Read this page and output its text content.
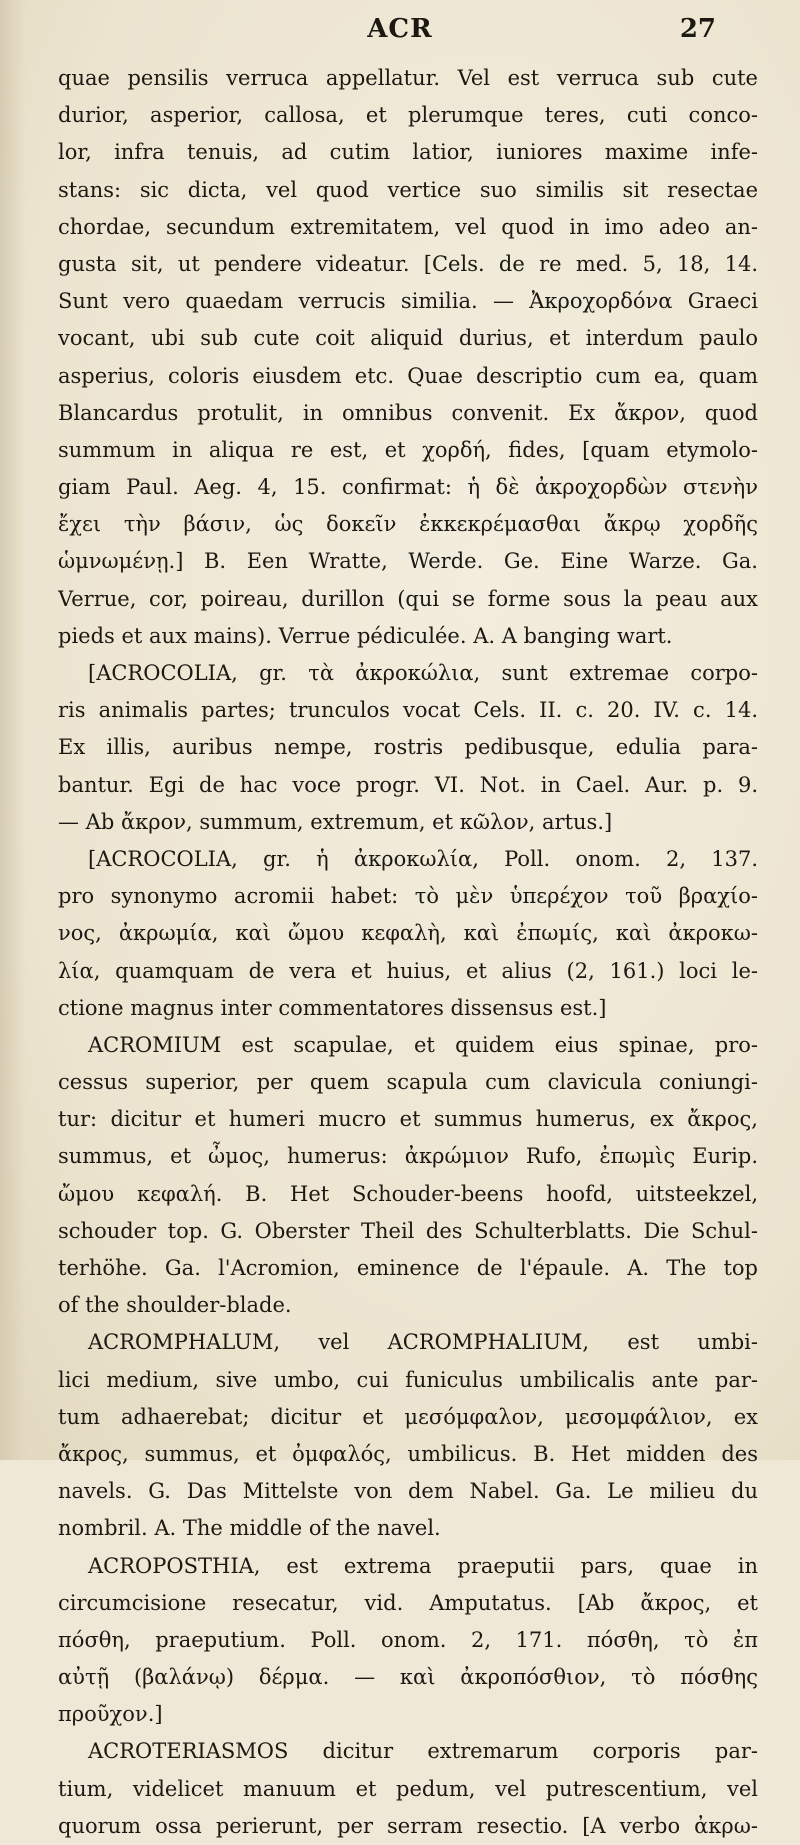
ACR	27
quae pensilis verruca appellatur. Vel est verruca sub cute
durior, asperior, callosa, et plerumque teres, cuti conco-
lor, infra tenuis, ad cutim latior, iuniores maxime infe-
stans: sic dicta, vel quod vertice suo similis sit resectae
chordae, secundum extremitatem, vel quod in imo adeo an-
gusta sit, ut pendere videatur. [Cels. de re med. 5, 18, 14.
Sunt vero quaedam verrucis similia. — Ἀκροχορδόνα Graeci
vocant, ubi sub cute coit aliquid durius, et interdum paulo
asperius, coloris eiusdem etc. Quae descriptio cum ea, quam
Blancardus protulit, in omnibus convenit. Ex ἄκρον, quod
summum in aliqua re est, et χορδή, fides, [quam etymolo-
giam Paul. Aeg. 4, 15. confirmat: ἡ δὲ ἀκροχορδὼν στενὴν
ἔχει τὴν βάσιν, ὡς δοκεῖν ἐκκεκρέμασθαι ἄκρῳ χορδῆς
ὡμνωμένῃ.] B. Een Wratte, Werde. Ge. Eine Warze. Ga.
Verrue, cor, poireau, durillon (qui se forme sous la peau aux
pieds et aux mains). Verrue pédiculée. A. A banging wart.
[ACROCOLIA, gr. τὰ ἀκροκώλια, sunt extremae corpo-
ris animalis partes; trunculos vocat Cels. II. c. 20. IV. c. 14.
Ex illis, auribus nempe, rostris pedibusque, edulia para-
bantur. Egi de hac voce progr. VI. Not. in Cael. Aur. p. 9.
— Ab ἄκρον, summum, extremum, et κῶλον, artus.]
[ACROCOLIA, gr. ἡ ἀκροκωλία, Poll. onom. 2, 137.
pro synonymo acromii habet: τὸ μὲν ὑπερέχον τοῦ βραχίο-
νος, ἀκρωμία, καὶ ὤμου κεφαλὴ, καὶ ἐπωμίς, καὶ ἀκροκω-
λία, quamquam de vera et huius, et alius (2, 161.) loci le-
ctione magnus inter commentatores dissensus est.]
ACROMIUM est scapulae, et quidem eius spinae, pro-
cessus superior, per quem scapula cum clavicula coniungi-
tur: dicitur et humeri mucro et summus humerus, ex ἄκρος,
summus, et ὦμος, humerus: ἀκρώμιον Rufo, ἐπωμὶς Eurip.
ὤμου κεφαλή. B. Het Schouder-beens hoofd, uitsteekzel,
schouder top. G. Oberster Theil des Schulterblatts. Die Schul-
terhöhe. Ga. l'Acromion, eminence de l'épaule. A. The top
of the shoulder-blade.
ACROMPHALUM, vel ACROMPHALIUM, est umbi-
lici medium, sive umbo, cui funiculus umbilicalis ante par-
tum adhaerebat; dicitur et μεσόμφαλον, μεσομφάλιον, ex
ἄκρος, summus, et ὀμφαλός, umbilicus. B. Het midden des
navels. G. Das Mittelste von dem Nabel. Ga. Le milieu du
nombril. A. The middle of the navel.
ACROPOSTHIA, est extrema praeputii pars, quae in
circumcisione resecatur, vid. Amputatus. [Ab ἄκρος, et
πόσθη, praeputium. Poll. onom. 2, 171. πόσθη, τὸ ἐπ
αὐτῇ (βαλάνῳ) δέρμα. — καὶ ἀκροπόσθιον, τὸ πόσθης
προῦχον.]
ACROTERIASMOS dicitur extremarum corporis par-
tium, videlicet manuum et pedum, vel putrescentium, vel
quorum ossa perierunt, per serram resectio. [A verbo ἀκρω-
